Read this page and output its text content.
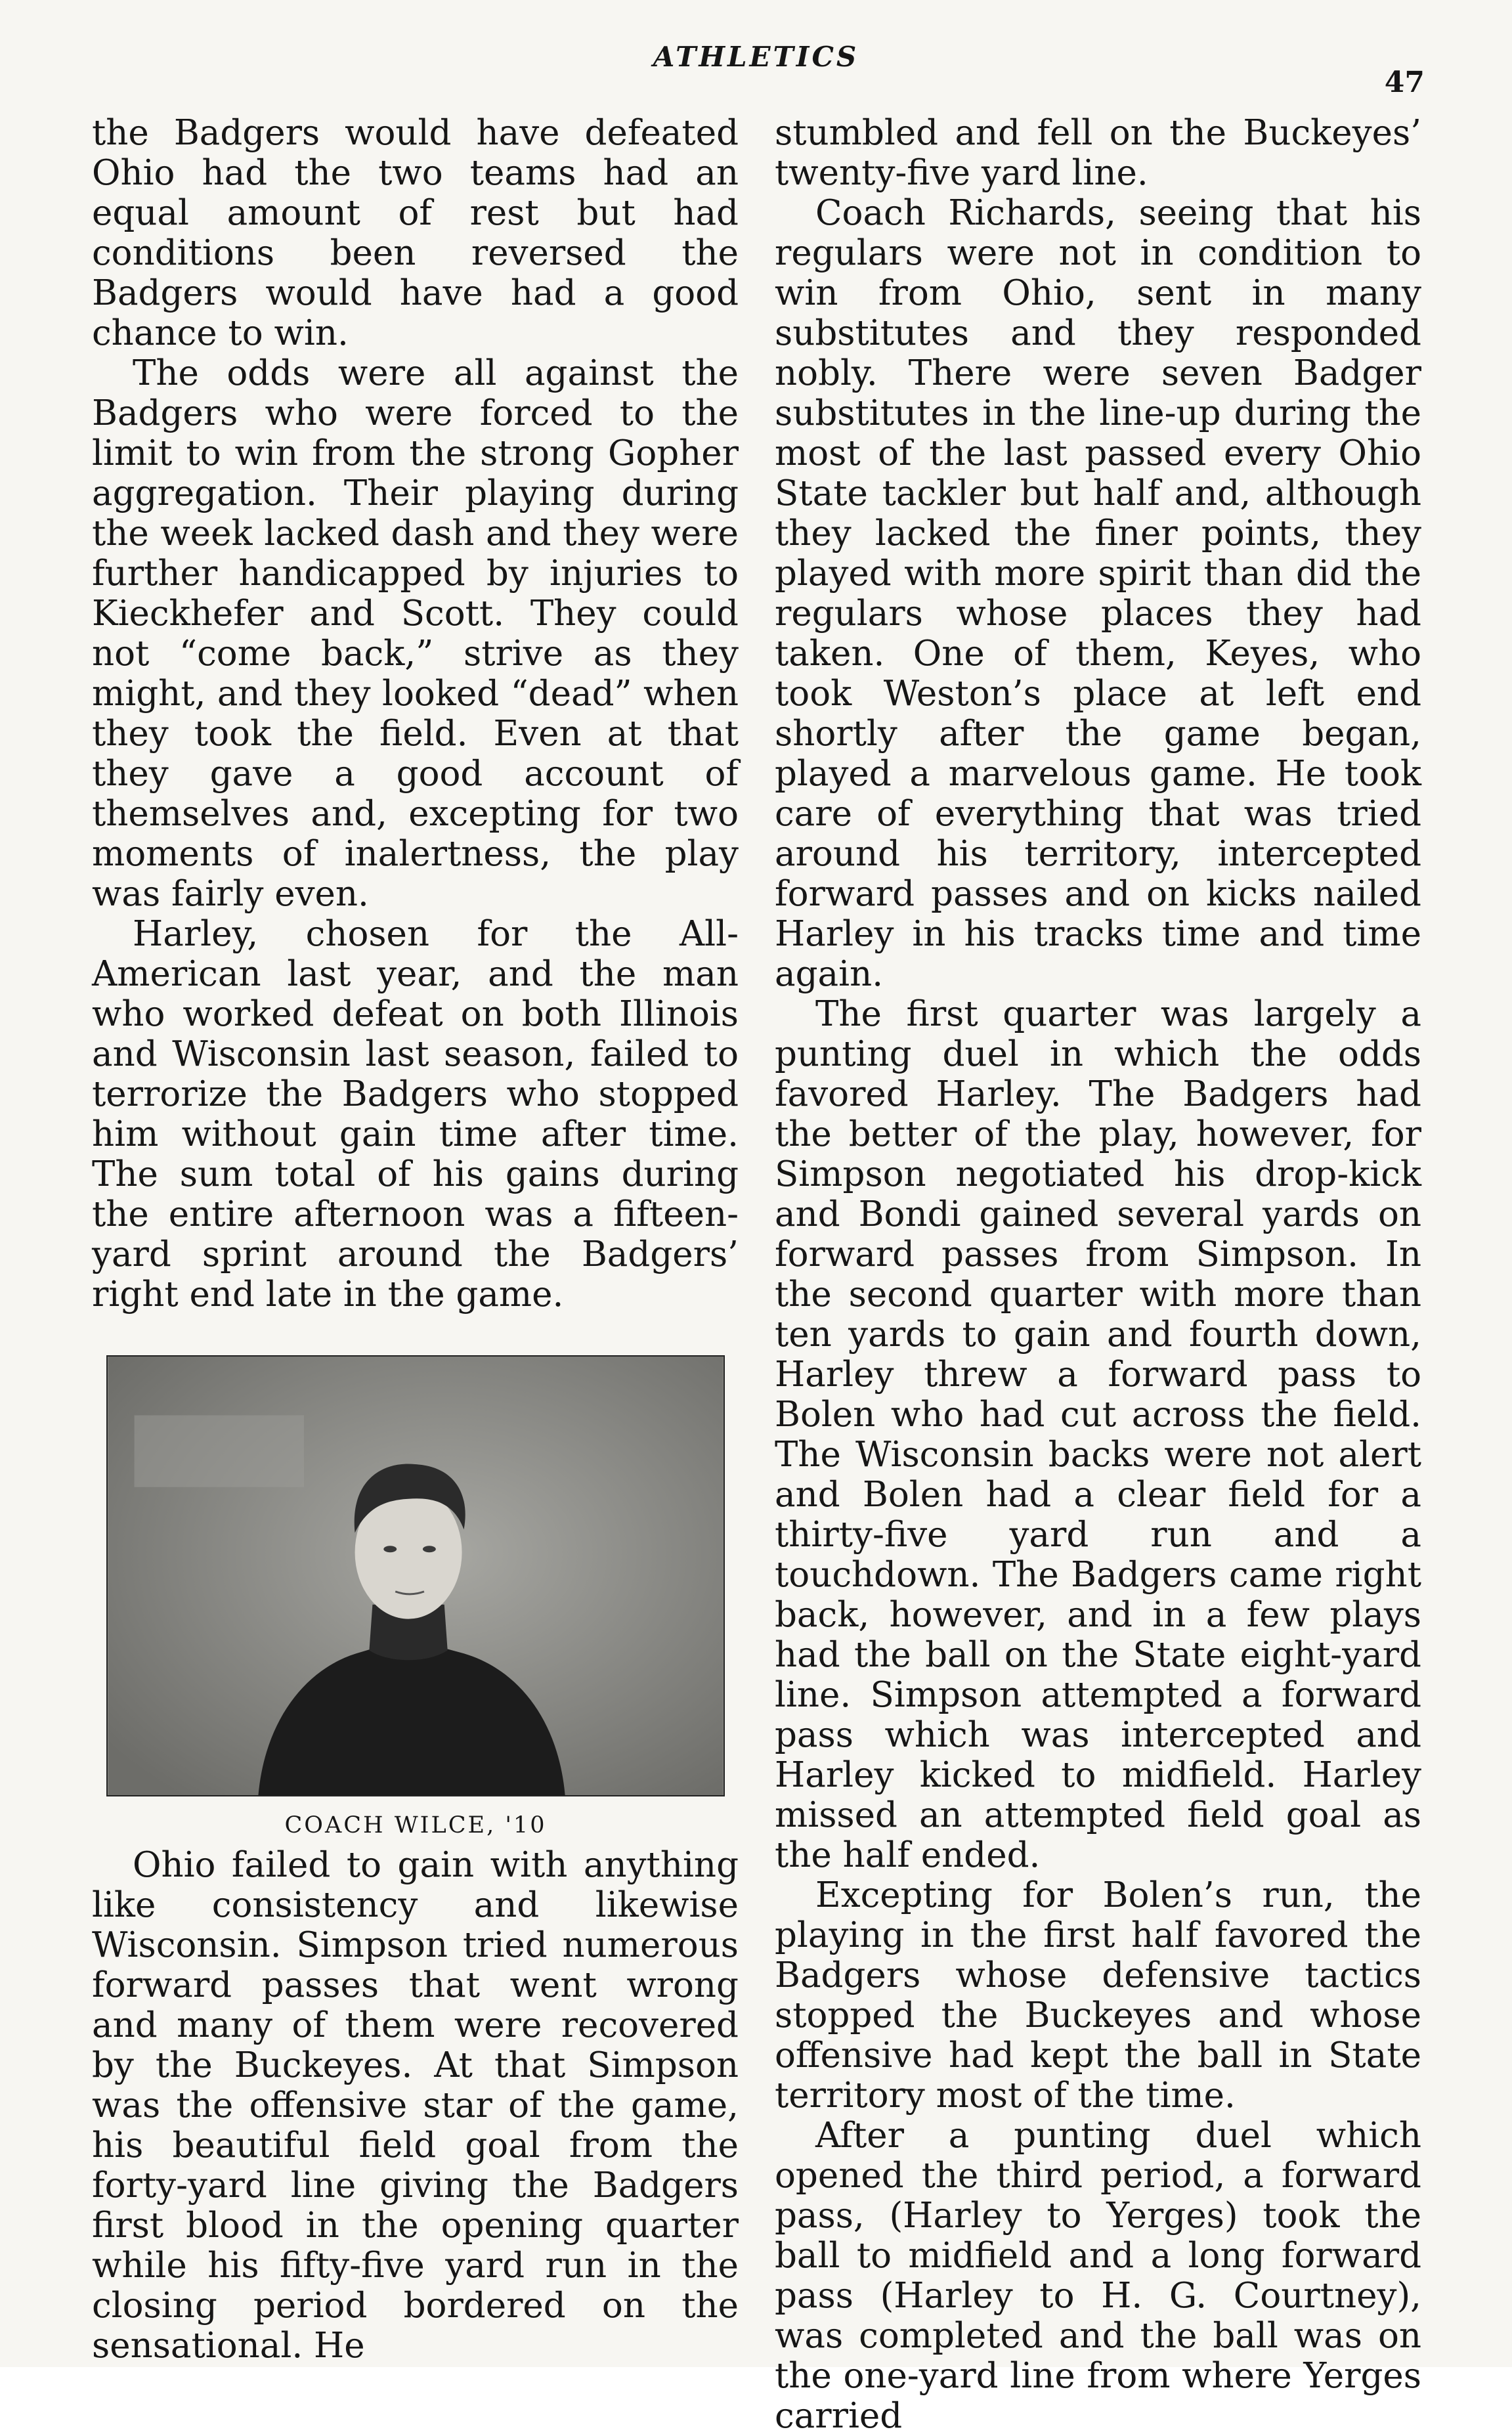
ATHLETICS
47

the Badgers would have defeated Ohio had the two teams had an equal amount of rest but had conditions been reversed the Badgers would have had a good chance to win.

The odds were all against the Badgers who were forced to the limit to win from the strong Gopher aggregation. Their playing during the week lacked dash and they were further handicapped by injuries to Kieckhefer and Scott. They could not “come back,” strive as they might, and they looked “dead” when they took the field. Even at that they gave a good account of themselves and, excepting for two moments of inalertness, the play was fairly even.

Harley, chosen for the All-American last year, and the man who worked defeat on both Illinois and Wisconsin last season, failed to terrorize the Badgers who stopped him without gain time after time. The sum total of his gains during the entire afternoon was a fifteen-yard sprint around the Badgers’ right end late in the game.

COACH WILCE, '10

Ohio failed to gain with anything like consistency and likewise Wisconsin. Simpson tried numerous forward passes that went wrong and many of them were recovered by the Buckeyes. At that Simpson was the offensive star of the game, his beautiful field goal from the forty-yard line giving the Badgers first blood in the opening quarter while his fifty-five yard run in the closing period bordered on the sensational. He

stumbled and fell on the Buckeyes’ twenty-five yard line.

Coach Richards, seeing that his regulars were not in condition to win from Ohio, sent in many substitutes and they responded nobly. There were seven Badger substitutes in the line-up during the most of the last passed every Ohio State tackler but half and, although they lacked the finer points, they played with more spirit than did the regulars whose places they had taken. One of them, Keyes, who took Weston’s place at left end shortly after the game began, played a marvelous game. He took care of everything that was tried around his territory, intercepted forward passes and on kicks nailed Harley in his tracks time and time again.

The first quarter was largely a punting duel in which the odds favored Harley. The Badgers had the better of the play, however, for Simpson negotiated his drop-kick and Bondi gained several yards on forward passes from Simpson. In the second quarter with more than ten yards to gain and fourth down, Harley threw a forward pass to Bolen who had cut across the field. The Wisconsin backs were not alert and Bolen had a clear field for a thirty-five yard run and a touchdown. The Badgers came right back, however, and in a few plays had the ball on the State eight-yard line. Simpson attempted a forward pass which was intercepted and Harley kicked to midfield. Harley missed an attempted field goal as the half ended.

Excepting for Bolen’s run, the playing in the first half favored the Badgers whose defensive tactics stopped the Buckeyes and whose offensive had kept the ball in State territory most of the time.

After a punting duel which opened the third period, a forward pass, (Harley to Yerges) took the ball to midfield and a long forward pass (Harley to H. G. Courtney), was completed and the ball was on the one-yard line from where Yerges carried
